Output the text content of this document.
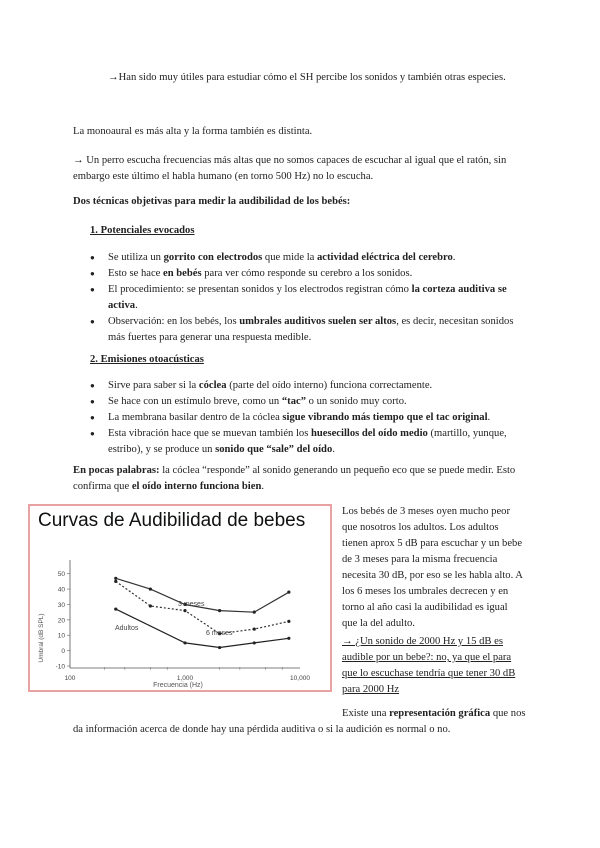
→Han sido muy útiles para estudiar cómo el SH percibe los sonidos y también otras especies.

La monoaural es más alta y la forma también es distinta.

→ Un perro escucha frecuencias más altas que no somos capaces de escuchar al igual que el ratón, sin embargo este último el habla humano (en torno 500 Hz) no lo escucha.

Dos técnicas objetivas para medir la audibilidad de los bebés:

1. Potenciales evocados

● Se utiliza un gorrito con electrodos que mide la actividad eléctrica del cerebro.
● Esto se hace en bebés para ver cómo responde su cerebro a los sonidos.
● El procedimiento: se presentan sonidos y los electrodos registran cómo la corteza auditiva se activa.
● Observación: en los bebés, los umbrales auditivos suelen ser altos, es decir, necesitan sonidos más fuertes para generar una respuesta medible.

2. Emisiones otoacústicas

● Sirve para saber si la cóclea (parte del oído interno) funciona correctamente.
● Se hace con un estímulo breve, como un “tac” o un sonido muy corto.
● La membrana basilar dentro de la cóclea sigue vibrando más tiempo que el tac original.
● Esta vibración hace que se muevan también los huesecillos del oído medio (martillo, yunque, estribo), y se produce un sonido que “sale” del oído.

En pocas palabras: la cóclea “responde” al sonido generando un pequeño eco que se puede medir. Esto confirma que el oído interno funciona bien.

Curvas de Audibilidad de bebes
50
40
30
20
10
0
-10
100	1,000	10,000
Umbral (dB SPL)
Frecuencia (Hz)
3 meses
6 meses
Adultos

Los bebés de 3 meses oyen mucho peor que nosotros los adultos. Los adultos tienen aprox 5 dB para escuchar y un bebe de 3 meses para la misma frecuencia necesita 30 dB, por eso se les habla alto. A los 6 meses los umbrales decrecen y en torno al año casi la audibilidad es igual que la del adulto.

→ ¿Un sonido de 2000 Hz y 15 dB es audible por un bebe?: no, ya que el para que lo escuchase tendría que tener 30 dB para 2000 Hz

Existe una representación gráfica que nos da información acerca de donde hay una pérdida auditiva o si la audición es normal o no.
